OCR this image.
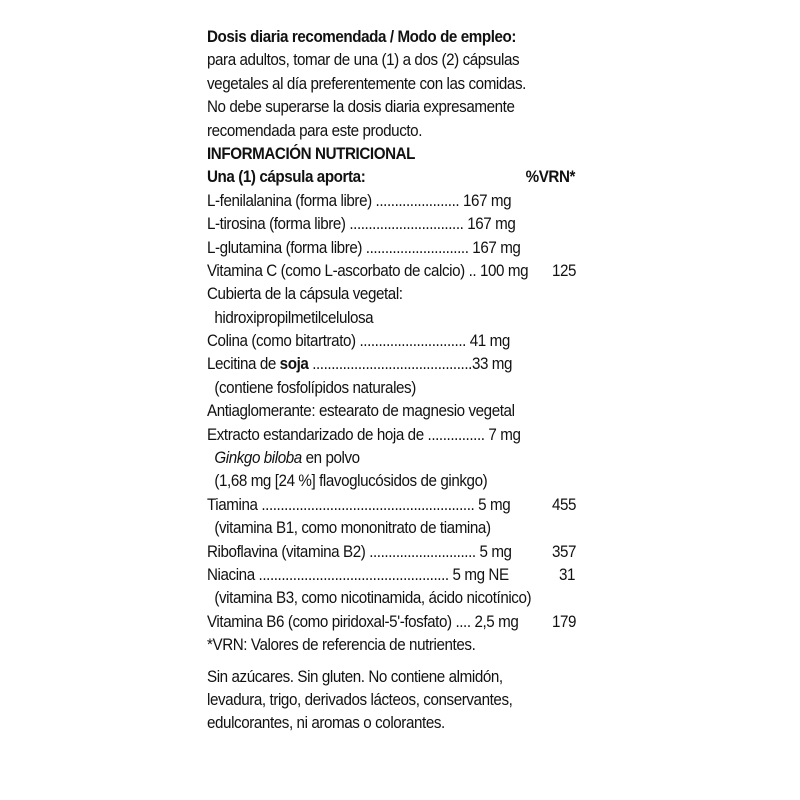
Dosis diaria recomendada / Modo de empleo:
para adultos, tomar de una (1) a dos (2) cápsulas
vegetales al día preferentemente con las comidas.
No debe superarse la dosis diaria expresamente
recomendada para este producto.
INFORMACIÓN NUTRICIONAL
Una (1) cápsula aporta:	%VRN*
L-fenilalanina (forma libre) ...................... 167 mg
L-tirosina (forma libre) .............................. 167 mg
L-glutamina (forma libre) ........................... 167 mg
Vitamina C (como L-ascorbato de calcio) .. 100 mg	125
Cubierta de la cápsula vegetal:
hidroxipropilmetilcelulosa
Colina (como bitartrato) ............................ 41 mg
Lecitina de soja ..........................................33 mg
(contiene fosfolípidos naturales)
Antiaglomerante: estearato de magnesio vegetal
Extracto estandarizado de hoja de ............... 7 mg
Ginkgo biloba en polvo
(1,68 mg [24 %] flavoglucósidos de ginkgo)
Tiamina ........................................................ 5 mg	455
(vitamina B1, como mononitrato de tiamina)
Riboflavina (vitamina B2) ............................ 5 mg	357
Niacina .................................................. 5 mg NE	31
(vitamina B3, como nicotinamida, ácido nicotínico)
Vitamina B6 (como piridoxal-5'-fosfato) .... 2,5 mg	179
*VRN: Valores de referencia de nutrientes.
Sin azúcares. Sin gluten. No contiene almidón,
levadura, trigo, derivados lácteos, conservantes,
edulcorantes, ni aromas o colorantes.
